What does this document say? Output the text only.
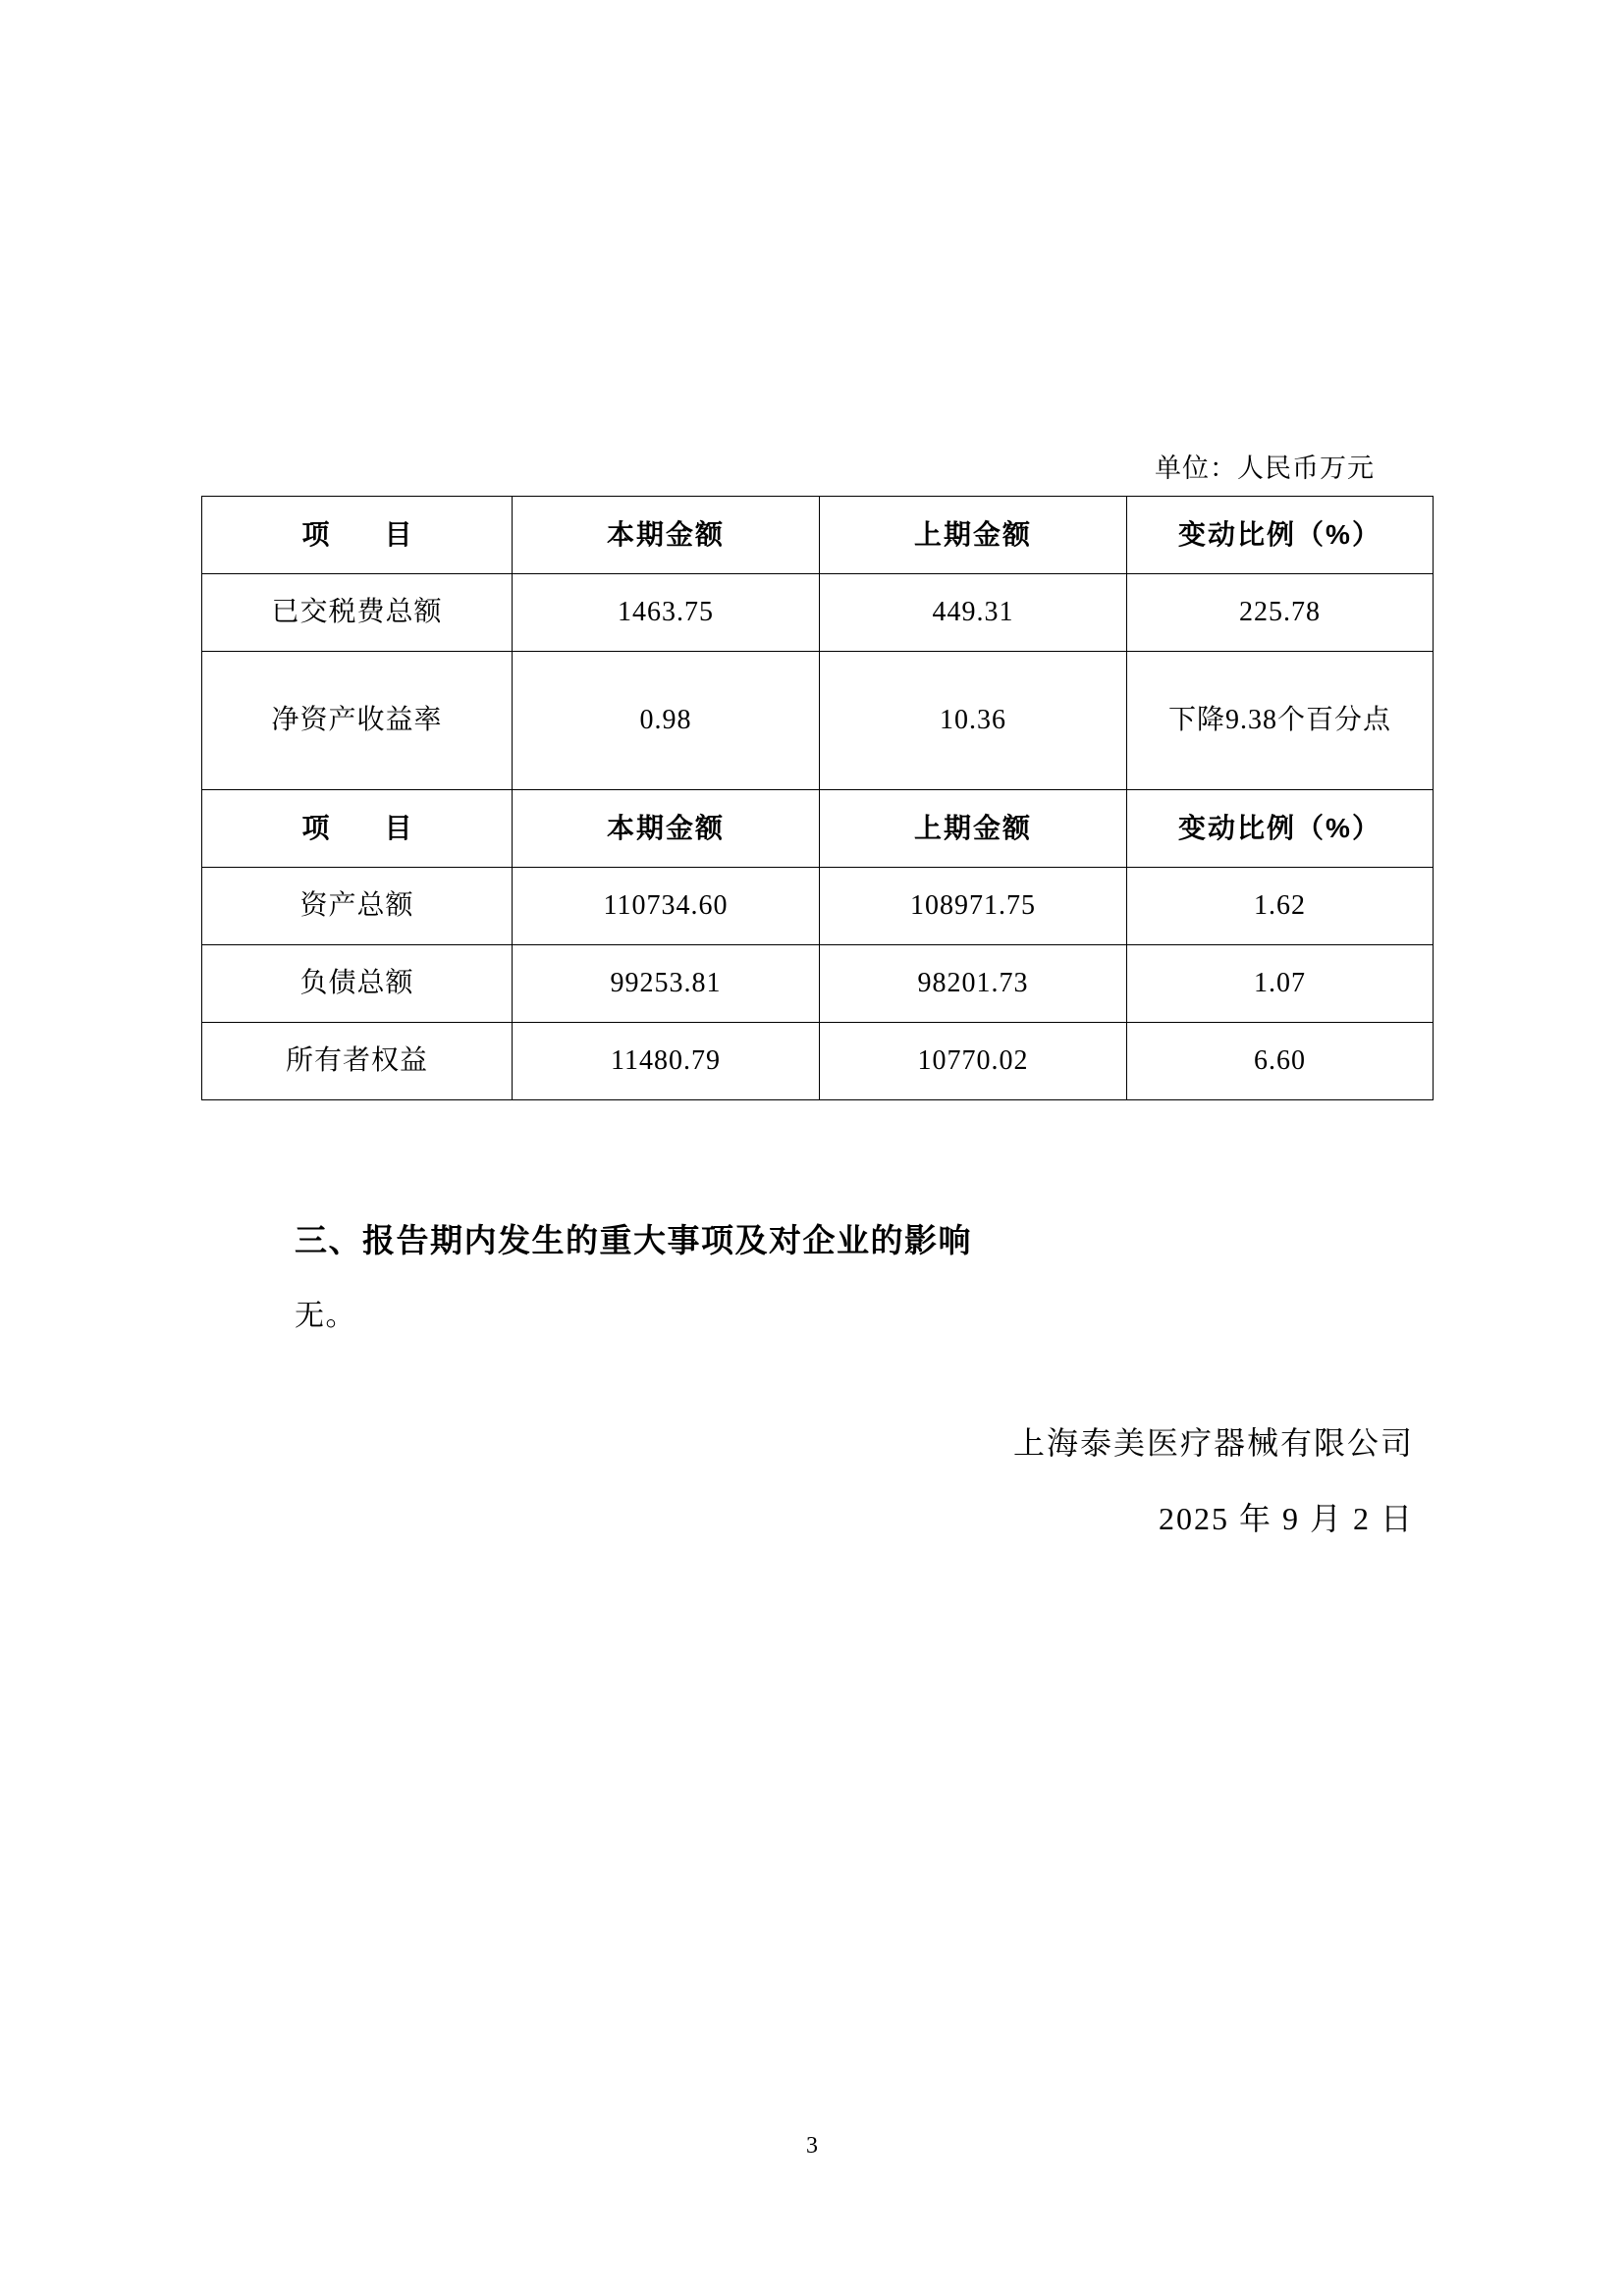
单位：人民币万元
项　目	本期金额	上期金额	变动比例（%）
已交税费总额	1463.75	449.31	225.78
净资产收益率	0.98	10.36	下降9.38个百分点
项　目	本期金额	上期金额	变动比例（%）
资产总额	110734.60	108971.75	1.62
负债总额	99253.81	98201.73	1.07
所有者权益	11480.79	10770.02	6.60
三、报告期内发生的重大事项及对企业的影响
无。
上海泰美医疗器械有限公司
2025 年 9 月 2 日
3
